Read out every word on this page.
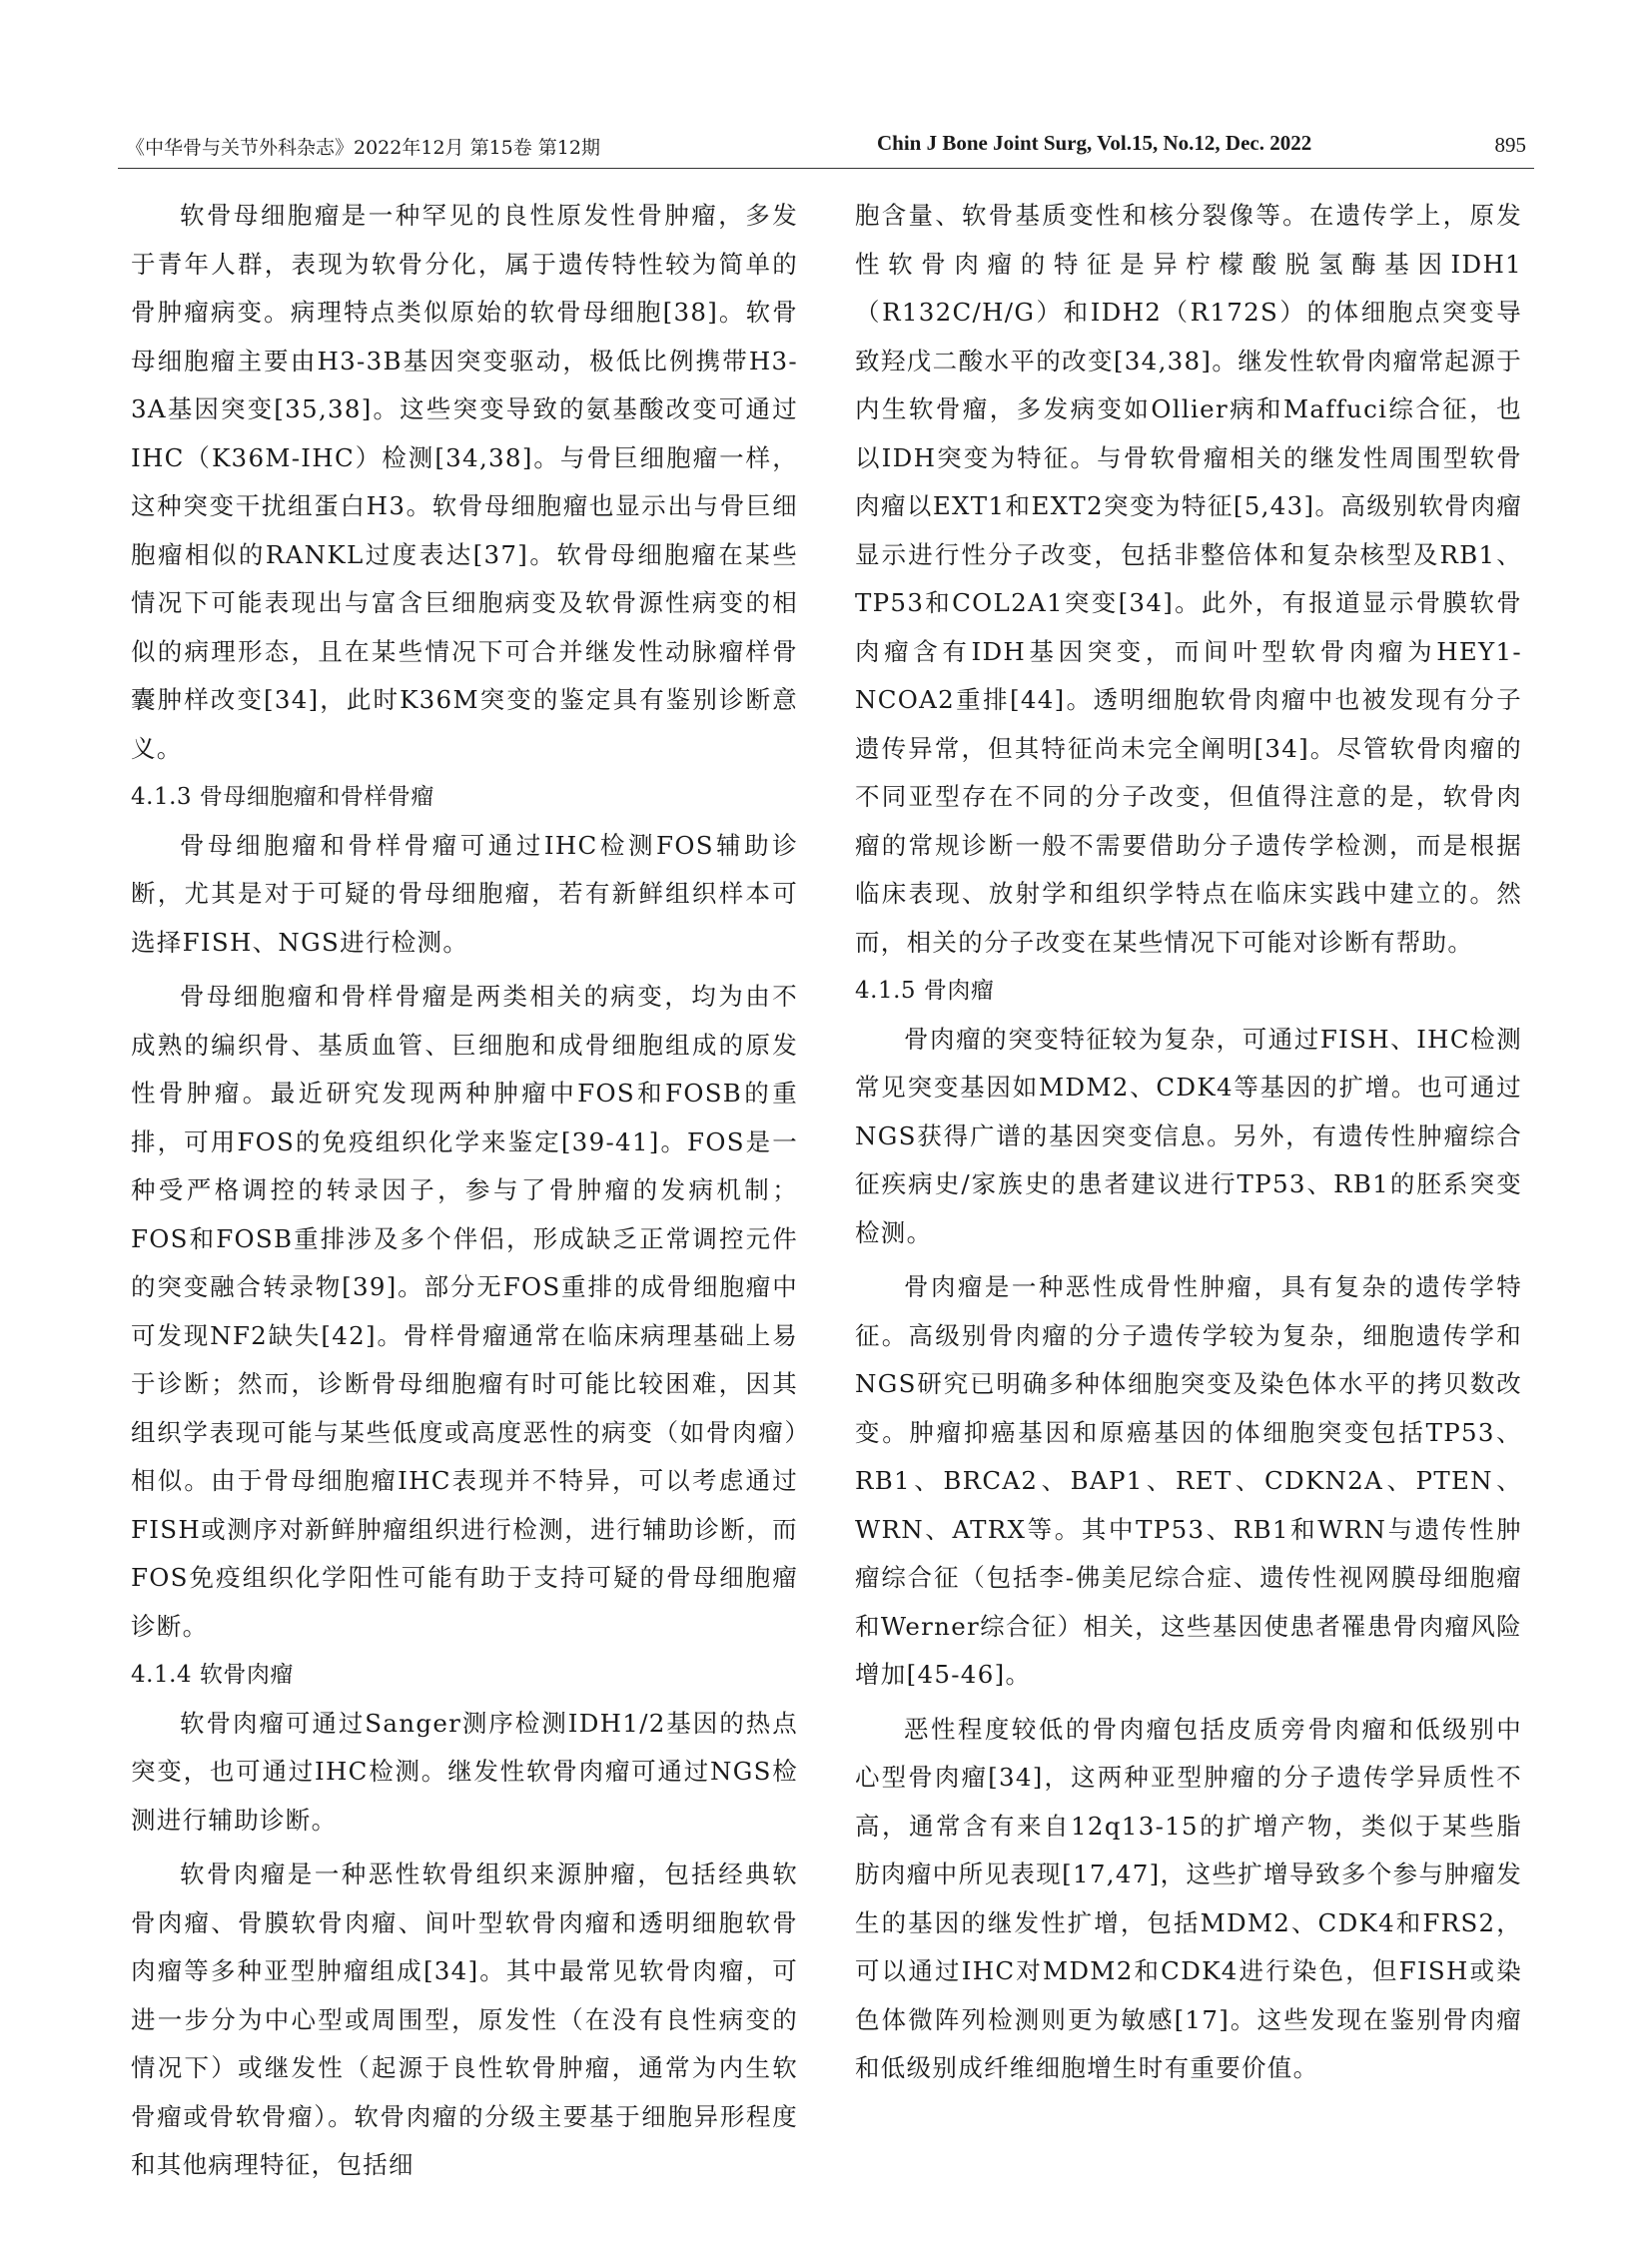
《中华骨与关节外科杂志》2022年12月 第15卷 第12期	Chin J Bone Joint Surg, Vol.15, No.12, Dec. 2022	895

软骨母细胞瘤是一种罕见的良性原发性骨肿瘤，多发于青年人群，表现为软骨分化，属于遗传特性较为简单的骨肿瘤病变。病理特点类似原始的软骨母细胞[38]。软骨母细胞瘤主要由H3-3B基因突变驱动，极低比例携带H3-3A基因突变[35,38]。这些突变导致的氨基酸改变可通过IHC（K36M-IHC）检测[34,38]。与骨巨细胞瘤一样，这种突变干扰组蛋白H3。软骨母细胞瘤也显示出与骨巨细胞瘤相似的RANKL过度表达[37]。软骨母细胞瘤在某些情况下可能表现出与富含巨细胞病变及软骨源性病变的相似的病理形态，且在某些情况下可合并继发性动脉瘤样骨囊肿样改变[34]，此时K36M突变的鉴定具有鉴别诊断意义。

4.1.3 骨母细胞瘤和骨样骨瘤

骨母细胞瘤和骨样骨瘤可通过IHC检测FOS辅助诊断，尤其是对于可疑的骨母细胞瘤，若有新鲜组织样本可选择FISH、NGS进行检测。

骨母细胞瘤和骨样骨瘤是两类相关的病变，均为由不成熟的编织骨、基质血管、巨细胞和成骨细胞组成的原发性骨肿瘤。最近研究发现两种肿瘤中FOS和FOSB的重排，可用FOS的免疫组织化学来鉴定[39-41]。FOS是一种受严格调控的转录因子，参与了骨肿瘤的发病机制；FOS和FOSB重排涉及多个伴侣，形成缺乏正常调控元件的突变融合转录物[39]。部分无FOS重排的成骨细胞瘤中可发现NF2缺失[42]。骨样骨瘤通常在临床病理基础上易于诊断；然而，诊断骨母细胞瘤有时可能比较困难，因其组织学表现可能与某些低度或高度恶性的病变（如骨肉瘤）相似。由于骨母细胞瘤IHC表现并不特异，可以考虑通过FISH或测序对新鲜肿瘤组织进行检测，进行辅助诊断，而FOS免疫组织化学阳性可能有助于支持可疑的骨母细胞瘤诊断。

4.1.4 软骨肉瘤

软骨肉瘤可通过Sanger测序检测IDH1/2基因的热点突变，也可通过IHC检测。继发性软骨肉瘤可通过NGS检测进行辅助诊断。

软骨肉瘤是一种恶性软骨组织来源肿瘤，包括经典软骨肉瘤、骨膜软骨肉瘤、间叶型软骨肉瘤和透明细胞软骨肉瘤等多种亚型肿瘤组成[34]。其中最常见软骨肉瘤，可进一步分为中心型或周围型，原发性（在没有良性病变的情况下）或继发性（起源于良性软骨肿瘤，通常为内生软骨瘤或骨软骨瘤）。软骨肉瘤的分级主要基于细胞异形程度和其他病理特征，包括细

胞含量、软骨基质变性和核分裂像等。在遗传学上，原发性软骨肉瘤的特征是异柠檬酸脱氢酶基因IDH1（R132C/H/G）和IDH2（R172S）的体细胞点突变导致羟戊二酸水平的改变[34,38]。继发性软骨肉瘤常起源于内生软骨瘤，多发病变如Ollier病和Maffuci综合征，也以IDH突变为特征。与骨软骨瘤相关的继发性周围型软骨肉瘤以EXT1和EXT2突变为特征[5,43]。高级别软骨肉瘤显示进行性分子改变，包括非整倍体和复杂核型及RB1、TP53和COL2A1突变[34]。此外，有报道显示骨膜软骨肉瘤含有IDH基因突变，而间叶型软骨肉瘤为HEY1-NCOA2重排[44]。透明细胞软骨肉瘤中也被发现有分子遗传异常，但其特征尚未完全阐明[34]。尽管软骨肉瘤的不同亚型存在不同的分子改变，但值得注意的是，软骨肉瘤的常规诊断一般不需要借助分子遗传学检测，而是根据临床表现、放射学和组织学特点在临床实践中建立的。然而，相关的分子改变在某些情况下可能对诊断有帮助。

4.1.5 骨肉瘤

骨肉瘤的突变特征较为复杂，可通过FISH、IHC检测常见突变基因如MDM2、CDK4等基因的扩增。也可通过NGS获得广谱的基因突变信息。另外，有遗传性肿瘤综合征疾病史/家族史的患者建议进行TP53、RB1的胚系突变检测。

骨肉瘤是一种恶性成骨性肿瘤，具有复杂的遗传学特征。高级别骨肉瘤的分子遗传学较为复杂，细胞遗传学和NGS研究已明确多种体细胞突变及染色体水平的拷贝数改变。肿瘤抑癌基因和原癌基因的体细胞突变包括TP53、RB1、BRCA2、BAP1、RET、CDKN2A、PTEN、WRN、ATRX等。其中TP53、RB1和WRN与遗传性肿瘤综合征（包括李-佛美尼综合症、遗传性视网膜母细胞瘤和Werner综合征）相关，这些基因使患者罹患骨肉瘤风险增加[45-46]。

恶性程度较低的骨肉瘤包括皮质旁骨肉瘤和低级别中心型骨肉瘤[34]，这两种亚型肿瘤的分子遗传学异质性不高，通常含有来自12q13-15的扩增产物，类似于某些脂肪肉瘤中所见表现[17,47]，这些扩增导致多个参与肿瘤发生的基因的继发性扩增，包括MDM2、CDK4和FRS2，可以通过IHC对MDM2和CDK4进行染色，但FISH或染色体微阵列检测则更为敏感[17]。这些发现在鉴别骨肉瘤和低级别成纤维细胞增生时有重要价值。
